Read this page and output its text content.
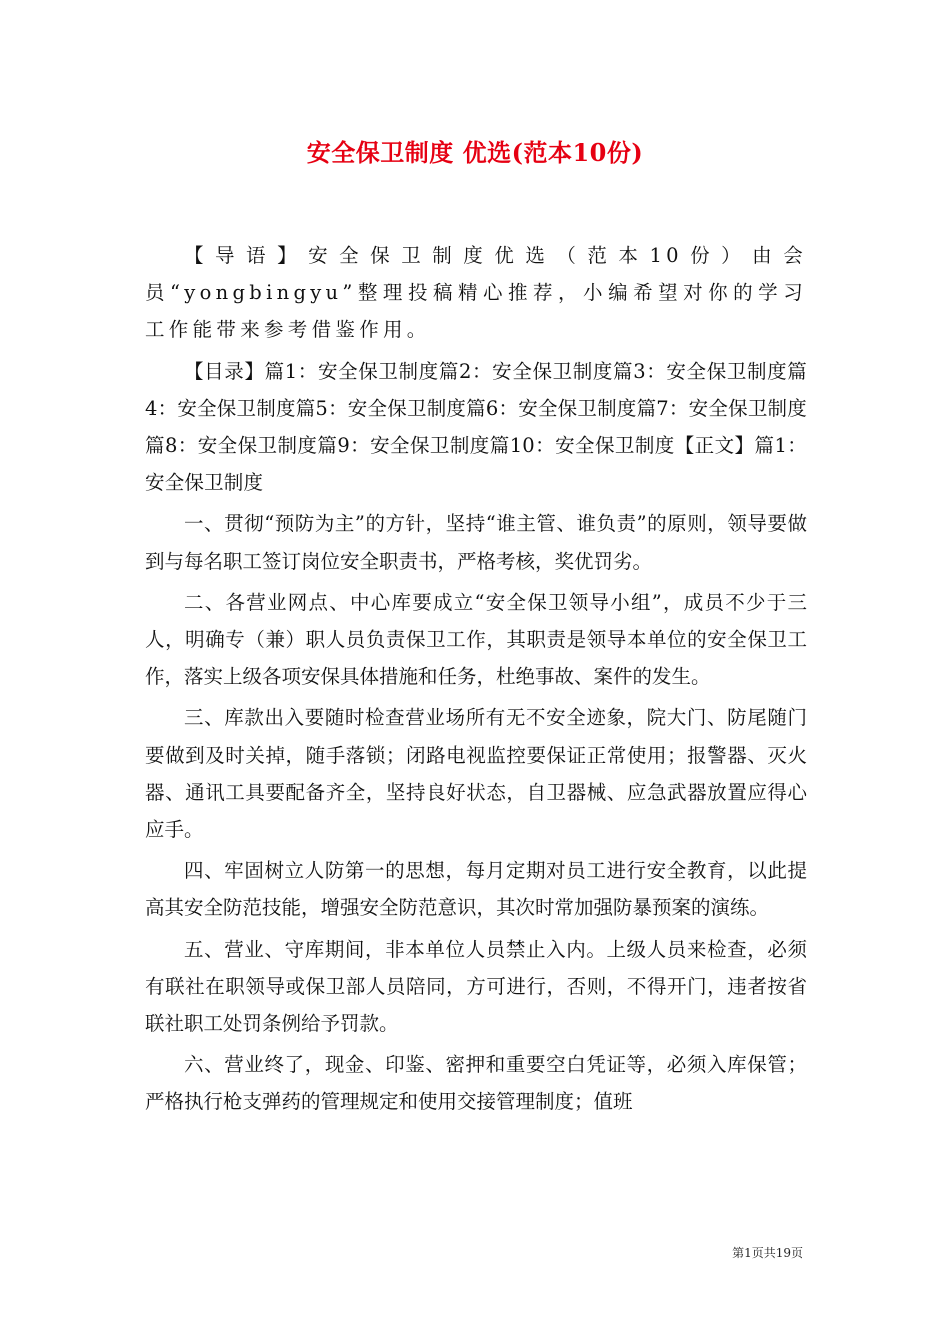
安全保卫制度 优选(范本10份)

【导语】安全保卫制度优选（范本10份）由会员“yongbingyu”整理投稿精心推荐，小编希望对你的学习工作能带来参考借鉴作用。

【目录】篇1：安全保卫制度篇2：安全保卫制度篇3：安全保卫制度篇4：安全保卫制度篇5：安全保卫制度篇6：安全保卫制度篇7：安全保卫制度篇8：安全保卫制度篇9：安全保卫制度篇10：安全保卫制度【正文】篇1：安全保卫制度

一、贯彻“预防为主”的方针，坚持“谁主管、谁负责”的原则，领导要做到与每名职工签订岗位安全职责书，严格考核，奖优罚劣。

二、各营业网点、中心库要成立“安全保卫领导小组”，成员不少于三人，明确专（兼）职人员负责保卫工作，其职责是领导本单位的安全保卫工作，落实上级各项安保具体措施和任务，杜绝事故、案件的发生。

三、库款出入要随时检查营业场所有无不安全迹象，院大门、防尾随门要做到及时关掉，随手落锁；闭路电视监控要保证正常使用；报警器、灭火器、通讯工具要配备齐全，坚持良好状态，自卫器械、应急武器放置应得心应手。

四、牢固树立人防第一的思想，每月定期对员工进行安全教育，以此提高其安全防范技能，增强安全防范意识，其次时常加强防暴预案的演练。

五、营业、守库期间，非本单位人员禁止入内。上级人员来检查，必须有联社在职领导或保卫部人员陪同，方可进行，否则，不得开门，违者按省联社职工处罚条例给予罚款。

六、营业终了，现金、印鉴、密押和重要空白凭证等，必须入库保管；严格执行枪支弹药的管理规定和使用交接管理制度；值班

第1页共19页
